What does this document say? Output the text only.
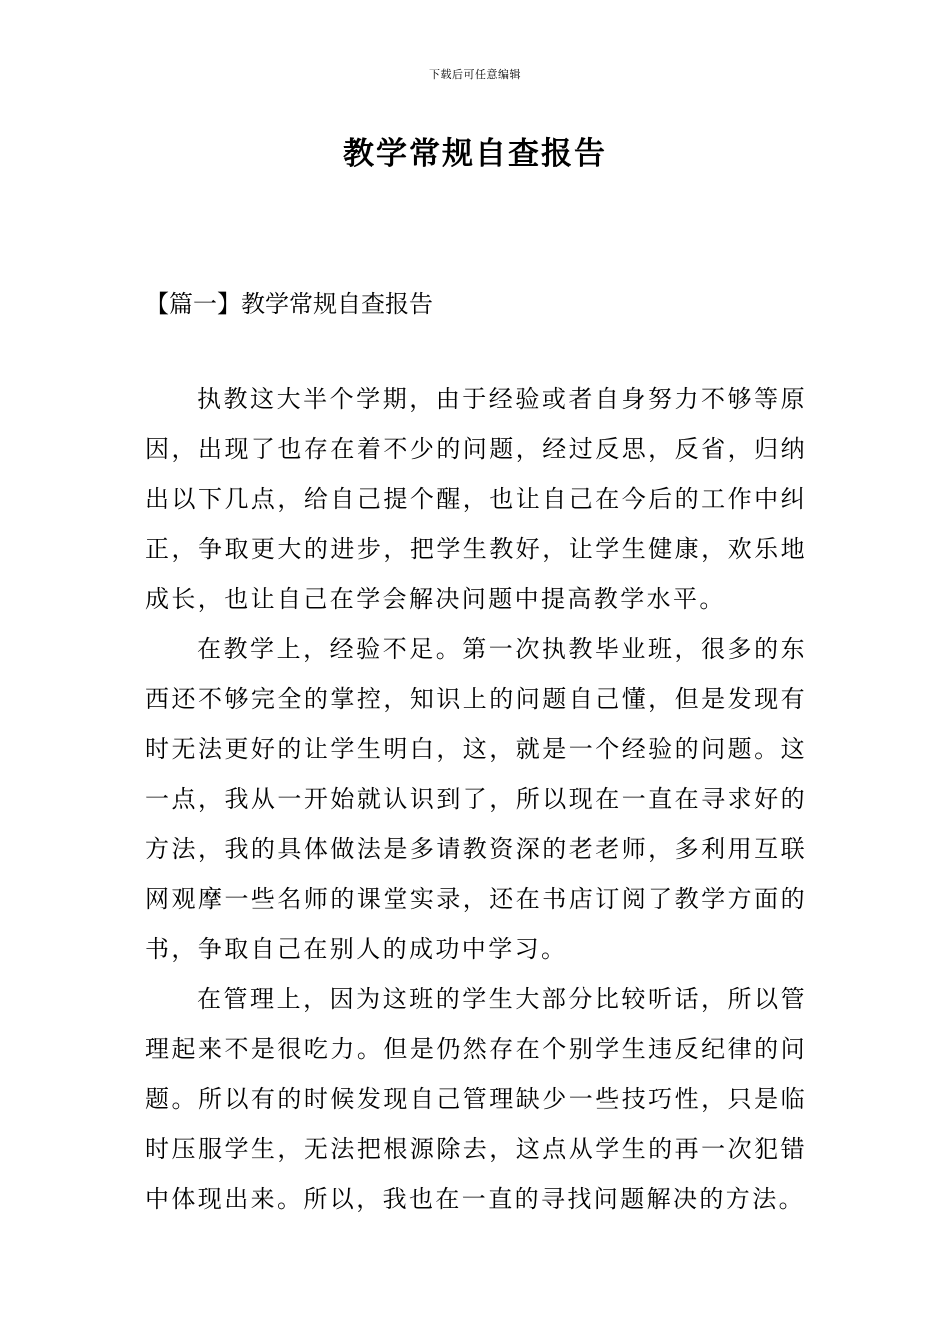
下载后可任意编辑
教学常规自查报告
【篇一】教学常规自查报告

执教这大半个学期，由于经验或者自身努力不够等原因，出现了也存在着不少的问题，经过反思，反省，归纳出以下几点，给自己提个醒，也让自己在今后的工作中纠正，争取更大的进步，把学生教好，让学生健康，欢乐地成长，也让自己在学会解决问题中提高教学水平。

在教学上，经验不足。第一次执教毕业班，很多的东西还不够完全的掌控，知识上的问题自己懂，但是发现有时无法更好的让学生明白，这，就是一个经验的问题。这一点，我从一开始就认识到了，所以现在一直在寻求好的方法，我的具体做法是多请教资深的老老师，多利用互联网观摩一些名师的课堂实录，还在书店订阅了教学方面的书，争取自己在别人的成功中学习。

在管理上，因为这班的学生大部分比较听话，所以管理起来不是很吃力。但是仍然存在个别学生违反纪律的问题。所以有的时候发现自己管理缺少一些技巧性，只是临时压服学生，无法把根源除去，这点从学生的再一次犯错中体现出来。所以，我也在一直的寻找问题解决的方法。
